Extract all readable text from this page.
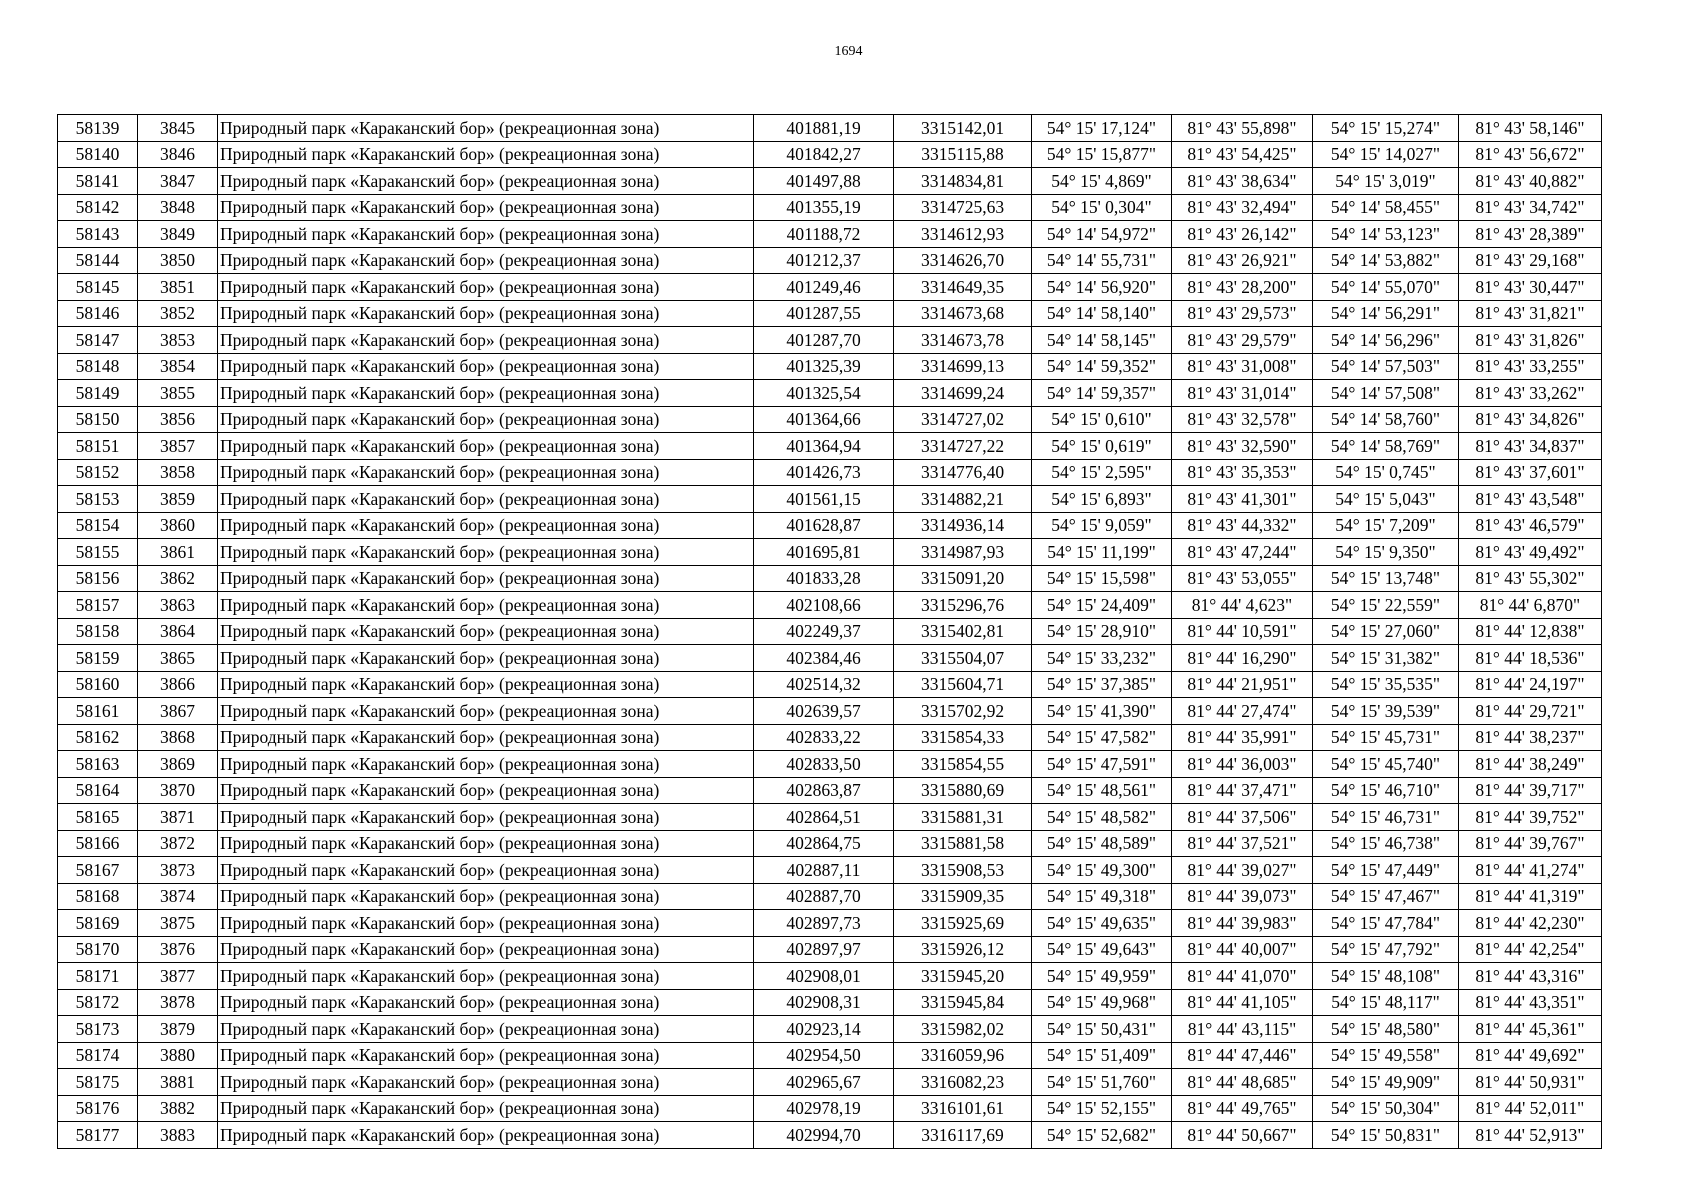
1694
58139	3845	Природный парк «Караканский бор» (рекреационная зона)	401881,19	3315142,01	54° 15' 17,124"	81° 43' 55,898"	54° 15' 15,274"	81° 43' 58,146"
58140	3846	Природный парк «Караканский бор» (рекреационная зона)	401842,27	3315115,88	54° 15' 15,877"	81° 43' 54,425"	54° 15' 14,027"	81° 43' 56,672"
58141	3847	Природный парк «Караканский бор» (рекреационная зона)	401497,88	3314834,81	54° 15' 4,869"	81° 43' 38,634"	54° 15' 3,019"	81° 43' 40,882"
58142	3848	Природный парк «Караканский бор» (рекреационная зона)	401355,19	3314725,63	54° 15' 0,304"	81° 43' 32,494"	54° 14' 58,455"	81° 43' 34,742"
58143	3849	Природный парк «Караканский бор» (рекреационная зона)	401188,72	3314612,93	54° 14' 54,972"	81° 43' 26,142"	54° 14' 53,123"	81° 43' 28,389"
58144	3850	Природный парк «Караканский бор» (рекреационная зона)	401212,37	3314626,70	54° 14' 55,731"	81° 43' 26,921"	54° 14' 53,882"	81° 43' 29,168"
58145	3851	Природный парк «Караканский бор» (рекреационная зона)	401249,46	3314649,35	54° 14' 56,920"	81° 43' 28,200"	54° 14' 55,070"	81° 43' 30,447"
58146	3852	Природный парк «Караканский бор» (рекреационная зона)	401287,55	3314673,68	54° 14' 58,140"	81° 43' 29,573"	54° 14' 56,291"	81° 43' 31,821"
58147	3853	Природный парк «Караканский бор» (рекреационная зона)	401287,70	3314673,78	54° 14' 58,145"	81° 43' 29,579"	54° 14' 56,296"	81° 43' 31,826"
58148	3854	Природный парк «Караканский бор» (рекреационная зона)	401325,39	3314699,13	54° 14' 59,352"	81° 43' 31,008"	54° 14' 57,503"	81° 43' 33,255"
58149	3855	Природный парк «Караканский бор» (рекреационная зона)	401325,54	3314699,24	54° 14' 59,357"	81° 43' 31,014"	54° 14' 57,508"	81° 43' 33,262"
58150	3856	Природный парк «Караканский бор» (рекреационная зона)	401364,66	3314727,02	54° 15' 0,610"	81° 43' 32,578"	54° 14' 58,760"	81° 43' 34,826"
58151	3857	Природный парк «Караканский бор» (рекреационная зона)	401364,94	3314727,22	54° 15' 0,619"	81° 43' 32,590"	54° 14' 58,769"	81° 43' 34,837"
58152	3858	Природный парк «Караканский бор» (рекреационная зона)	401426,73	3314776,40	54° 15' 2,595"	81° 43' 35,353"	54° 15' 0,745"	81° 43' 37,601"
58153	3859	Природный парк «Караканский бор» (рекреационная зона)	401561,15	3314882,21	54° 15' 6,893"	81° 43' 41,301"	54° 15' 5,043"	81° 43' 43,548"
58154	3860	Природный парк «Караканский бор» (рекреационная зона)	401628,87	3314936,14	54° 15' 9,059"	81° 43' 44,332"	54° 15' 7,209"	81° 43' 46,579"
58155	3861	Природный парк «Караканский бор» (рекреационная зона)	401695,81	3314987,93	54° 15' 11,199"	81° 43' 47,244"	54° 15' 9,350"	81° 43' 49,492"
58156	3862	Природный парк «Караканский бор» (рекреационная зона)	401833,28	3315091,20	54° 15' 15,598"	81° 43' 53,055"	54° 15' 13,748"	81° 43' 55,302"
58157	3863	Природный парк «Караканский бор» (рекреационная зона)	402108,66	3315296,76	54° 15' 24,409"	81° 44' 4,623"	54° 15' 22,559"	81° 44' 6,870"
58158	3864	Природный парк «Караканский бор» (рекреационная зона)	402249,37	3315402,81	54° 15' 28,910"	81° 44' 10,591"	54° 15' 27,060"	81° 44' 12,838"
58159	3865	Природный парк «Караканский бор» (рекреационная зона)	402384,46	3315504,07	54° 15' 33,232"	81° 44' 16,290"	54° 15' 31,382"	81° 44' 18,536"
58160	3866	Природный парк «Караканский бор» (рекреационная зона)	402514,32	3315604,71	54° 15' 37,385"	81° 44' 21,951"	54° 15' 35,535"	81° 44' 24,197"
58161	3867	Природный парк «Караканский бор» (рекреационная зона)	402639,57	3315702,92	54° 15' 41,390"	81° 44' 27,474"	54° 15' 39,539"	81° 44' 29,721"
58162	3868	Природный парк «Караканский бор» (рекреационная зона)	402833,22	3315854,33	54° 15' 47,582"	81° 44' 35,991"	54° 15' 45,731"	81° 44' 38,237"
58163	3869	Природный парк «Караканский бор» (рекреационная зона)	402833,50	3315854,55	54° 15' 47,591"	81° 44' 36,003"	54° 15' 45,740"	81° 44' 38,249"
58164	3870	Природный парк «Караканский бор» (рекреационная зона)	402863,87	3315880,69	54° 15' 48,561"	81° 44' 37,471"	54° 15' 46,710"	81° 44' 39,717"
58165	3871	Природный парк «Караканский бор» (рекреационная зона)	402864,51	3315881,31	54° 15' 48,582"	81° 44' 37,506"	54° 15' 46,731"	81° 44' 39,752"
58166	3872	Природный парк «Караканский бор» (рекреационная зона)	402864,75	3315881,58	54° 15' 48,589"	81° 44' 37,521"	54° 15' 46,738"	81° 44' 39,767"
58167	3873	Природный парк «Караканский бор» (рекреационная зона)	402887,11	3315908,53	54° 15' 49,300"	81° 44' 39,027"	54° 15' 47,449"	81° 44' 41,274"
58168	3874	Природный парк «Караканский бор» (рекреационная зона)	402887,70	3315909,35	54° 15' 49,318"	81° 44' 39,073"	54° 15' 47,467"	81° 44' 41,319"
58169	3875	Природный парк «Караканский бор» (рекреационная зона)	402897,73	3315925,69	54° 15' 49,635"	81° 44' 39,983"	54° 15' 47,784"	81° 44' 42,230"
58170	3876	Природный парк «Караканский бор» (рекреационная зона)	402897,97	3315926,12	54° 15' 49,643"	81° 44' 40,007"	54° 15' 47,792"	81° 44' 42,254"
58171	3877	Природный парк «Караканский бор» (рекреационная зона)	402908,01	3315945,20	54° 15' 49,959"	81° 44' 41,070"	54° 15' 48,108"	81° 44' 43,316"
58172	3878	Природный парк «Караканский бор» (рекреационная зона)	402908,31	3315945,84	54° 15' 49,968"	81° 44' 41,105"	54° 15' 48,117"	81° 44' 43,351"
58173	3879	Природный парк «Караканский бор» (рекреационная зона)	402923,14	3315982,02	54° 15' 50,431"	81° 44' 43,115"	54° 15' 48,580"	81° 44' 45,361"
58174	3880	Природный парк «Караканский бор» (рекреационная зона)	402954,50	3316059,96	54° 15' 51,409"	81° 44' 47,446"	54° 15' 49,558"	81° 44' 49,692"
58175	3881	Природный парк «Караканский бор» (рекреационная зона)	402965,67	3316082,23	54° 15' 51,760"	81° 44' 48,685"	54° 15' 49,909"	81° 44' 50,931"
58176	3882	Природный парк «Караканский бор» (рекреационная зона)	402978,19	3316101,61	54° 15' 52,155"	81° 44' 49,765"	54° 15' 50,304"	81° 44' 52,011"
58177	3883	Природный парк «Караканский бор» (рекреационная зона)	402994,70	3316117,69	54° 15' 52,682"	81° 44' 50,667"	54° 15' 50,831"	81° 44' 52,913"
